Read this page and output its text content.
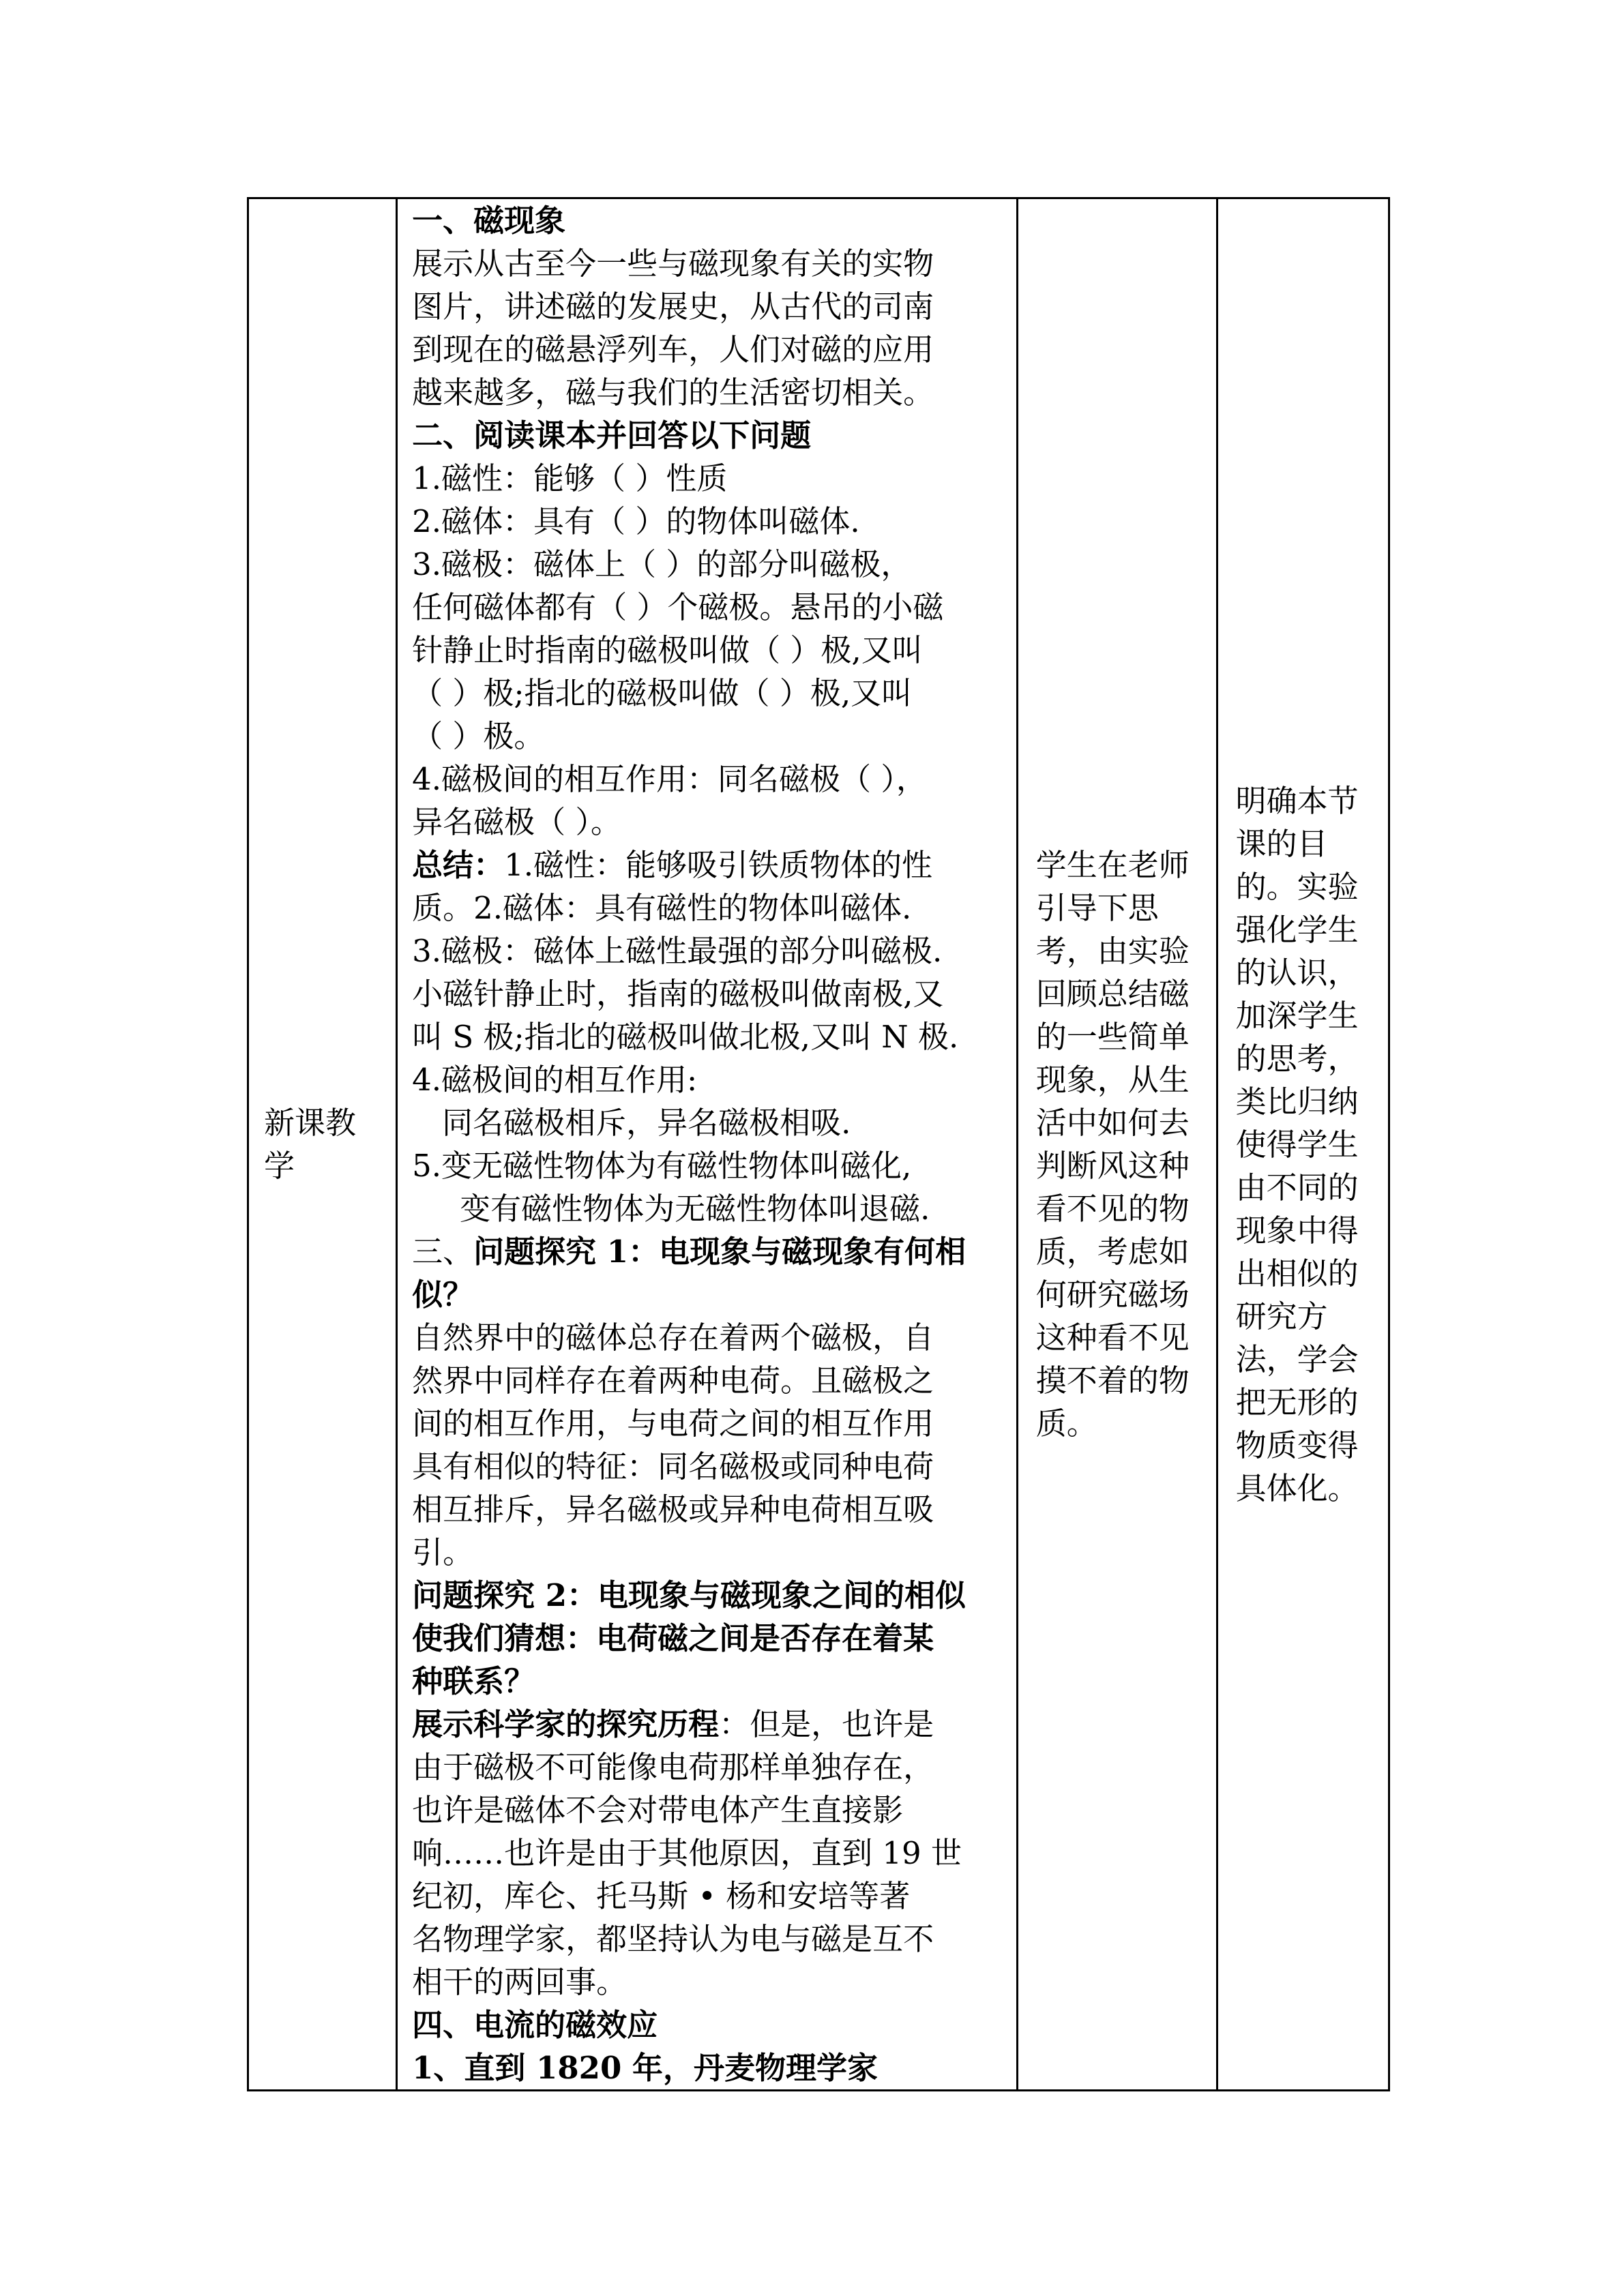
新课教学

一、磁现象
展示从古至今一些与磁现象有关的实物
图片，讲述磁的发展史，从古代的司南
到现在的磁悬浮列车，人们对磁的应用
越来越多，磁与我们的生活密切相关。
二、阅读课本并回答以下问题
1.磁性：能够（ ）性质
2.磁体：具有（ ）的物体叫磁体.
3.磁极：磁体上（ ）的部分叫磁极，
任何磁体都有（ ）个磁极。悬吊的小磁
针静止时指南的磁极叫做（ ）极,又叫
（ ）极;指北的磁极叫做（ ）极,又叫
（ ）极。
4.磁极间的相互作用：同名磁极（ ），
异名磁极（ ）。
总结：1.磁性：能够吸引铁质物体的性
质。2.磁体：具有磁性的物体叫磁体.
3.磁极：磁体上磁性最强的部分叫磁极.
小磁针静止时，指南的磁极叫做南极,又
叫 S 极;指北的磁极叫做北极,又叫 N 极.
4.磁极间的相互作用:
同名磁极相斥，异名磁极相吸.
5.变无磁性物体为有磁性物体叫磁化,
变有磁性物体为无磁性物体叫退磁.
三、问题探究 1：电现象与磁现象有何相
似？
自然界中的磁体总存在着两个磁极，自
然界中同样存在着两种电荷。且磁极之
间的相互作用，与电荷之间的相互作用
具有相似的特征：同名磁极或同种电荷
相互排斥，异名磁极或异种电荷相互吸
引。
问题探究 2：电现象与磁现象之间的相似
使我们猜想：电荷磁之间是否存在着某
种联系？
展示科学家的探究历程：但是，也许是
由于磁极不可能像电荷那样单独存在，
也许是磁体不会对带电体产生直接影
响……也许是由于其他原因，直到 19 世
纪初，库仑、托马斯 • 杨和安培等著
名物理学家，都坚持认为电与磁是互不
相干的两回事。
四、电流的磁效应
1、直到 1820 年，丹麦物理学家

学生在老师
引导下思
考，由实验
回顾总结磁
的一些简单
现象，从生
活中如何去
判断风这种
看不见的物
质，考虑如
何研究磁场
这种看不见
摸不着的物
质。

明确本节
课的目
的。实验
强化学生
的认识，
加深学生
的思考，
类比归纳
使得学生
由不同的
现象中得
出相似的
研究方
法，学会
把无形的
物质变得
具体化。
